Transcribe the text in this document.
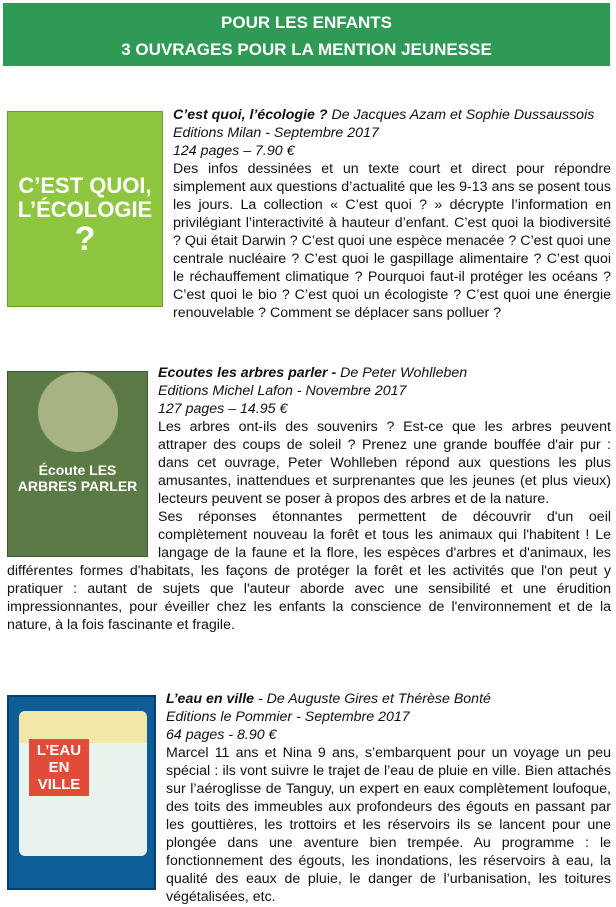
POUR LES ENFANTS
3 OUVRAGES POUR LA MENTION JEUNESSE
C’EST QUOI, L’ÉCOLOGIE
?

C’est quoi, l’écologie ? De Jacques Azam et Sophie Dussaussois
Editions Milan - Septembre 2017
124 pages – 7.90 €
Des infos dessinées et un texte court et direct pour répondre simplement aux questions d’actualité que les 9-13 ans se posent tous les jours. La collection « C’est quoi ? » décrypte l’information en privilégiant l’interactivité à hauteur d’enfant. C’est quoi la biodiversité ? Qui était Darwin ? C’est quoi une espèce menacée ? C’est quoi une centrale nucléaire ? C’est quoi le gaspillage alimentaire ? C’est quoi le réchauffement climatique ? Pourquoi faut-il protéger les océans ? C’est quoi le bio ? C’est quoi un écologiste ? C’est quoi une énergie renouvelable ? Comment se déplacer sans polluer ?

Écoute LES ARBRES PARLER

Ecoutes les arbres parler - De Peter Wohlleben
Editions Michel Lafon - Novembre 2017
127 pages – 14.95 €
Les arbres ont-ils des souvenirs ? Est-ce que les arbres peuvent attraper des coups de soleil ? Prenez une grande bouffée d'air pur : dans cet ouvrage, Peter Wohlleben répond aux questions les plus amusantes, inattendues et surprenantes que les jeunes (et plus vieux) lecteurs peuvent se poser à propos des arbres et de la nature.
Ses réponses étonnantes permettent de découvrir d'un oeil complètement nouveau la forêt et tous les animaux qui l'habitent ! Le langage de la faune et la flore, les espèces d'arbres et d'animaux, les différentes formes d'habitats, les façons de protéger la forêt et les activités que l'on peut y pratiquer : autant de sujets que l'auteur aborde avec une sensibilité et une érudition impressionnantes, pour éveiller chez les enfants la conscience de l'environnement et de la nature, à la fois fascinante et fragile.

L’EAU EN VILLE

L’eau en ville - De Auguste Gires et Thérèse Bonté
Editions le Pommier - Septembre 2017
64 pages - 8.90 €
Marcel 11 ans et Nina 9 ans, s’embarquent pour un voyage un peu spécial : ils vont suivre le trajet de l’eau de pluie en ville. Bien attachés sur l’aéroglisse de Tanguy, un expert en eaux complètement loufoque, des toits des immeubles aux profondeurs des égouts en passant par les gouttières, les trottoirs et les réservoirs ils se lancent pour une plongée dans une aventure bien trempée. Au programme : le fonctionnement des égouts, les inondations, les réservoirs à eau, la qualité des eaux de pluie, le danger de l’urbanisation, les toitures végétalisées, etc.
